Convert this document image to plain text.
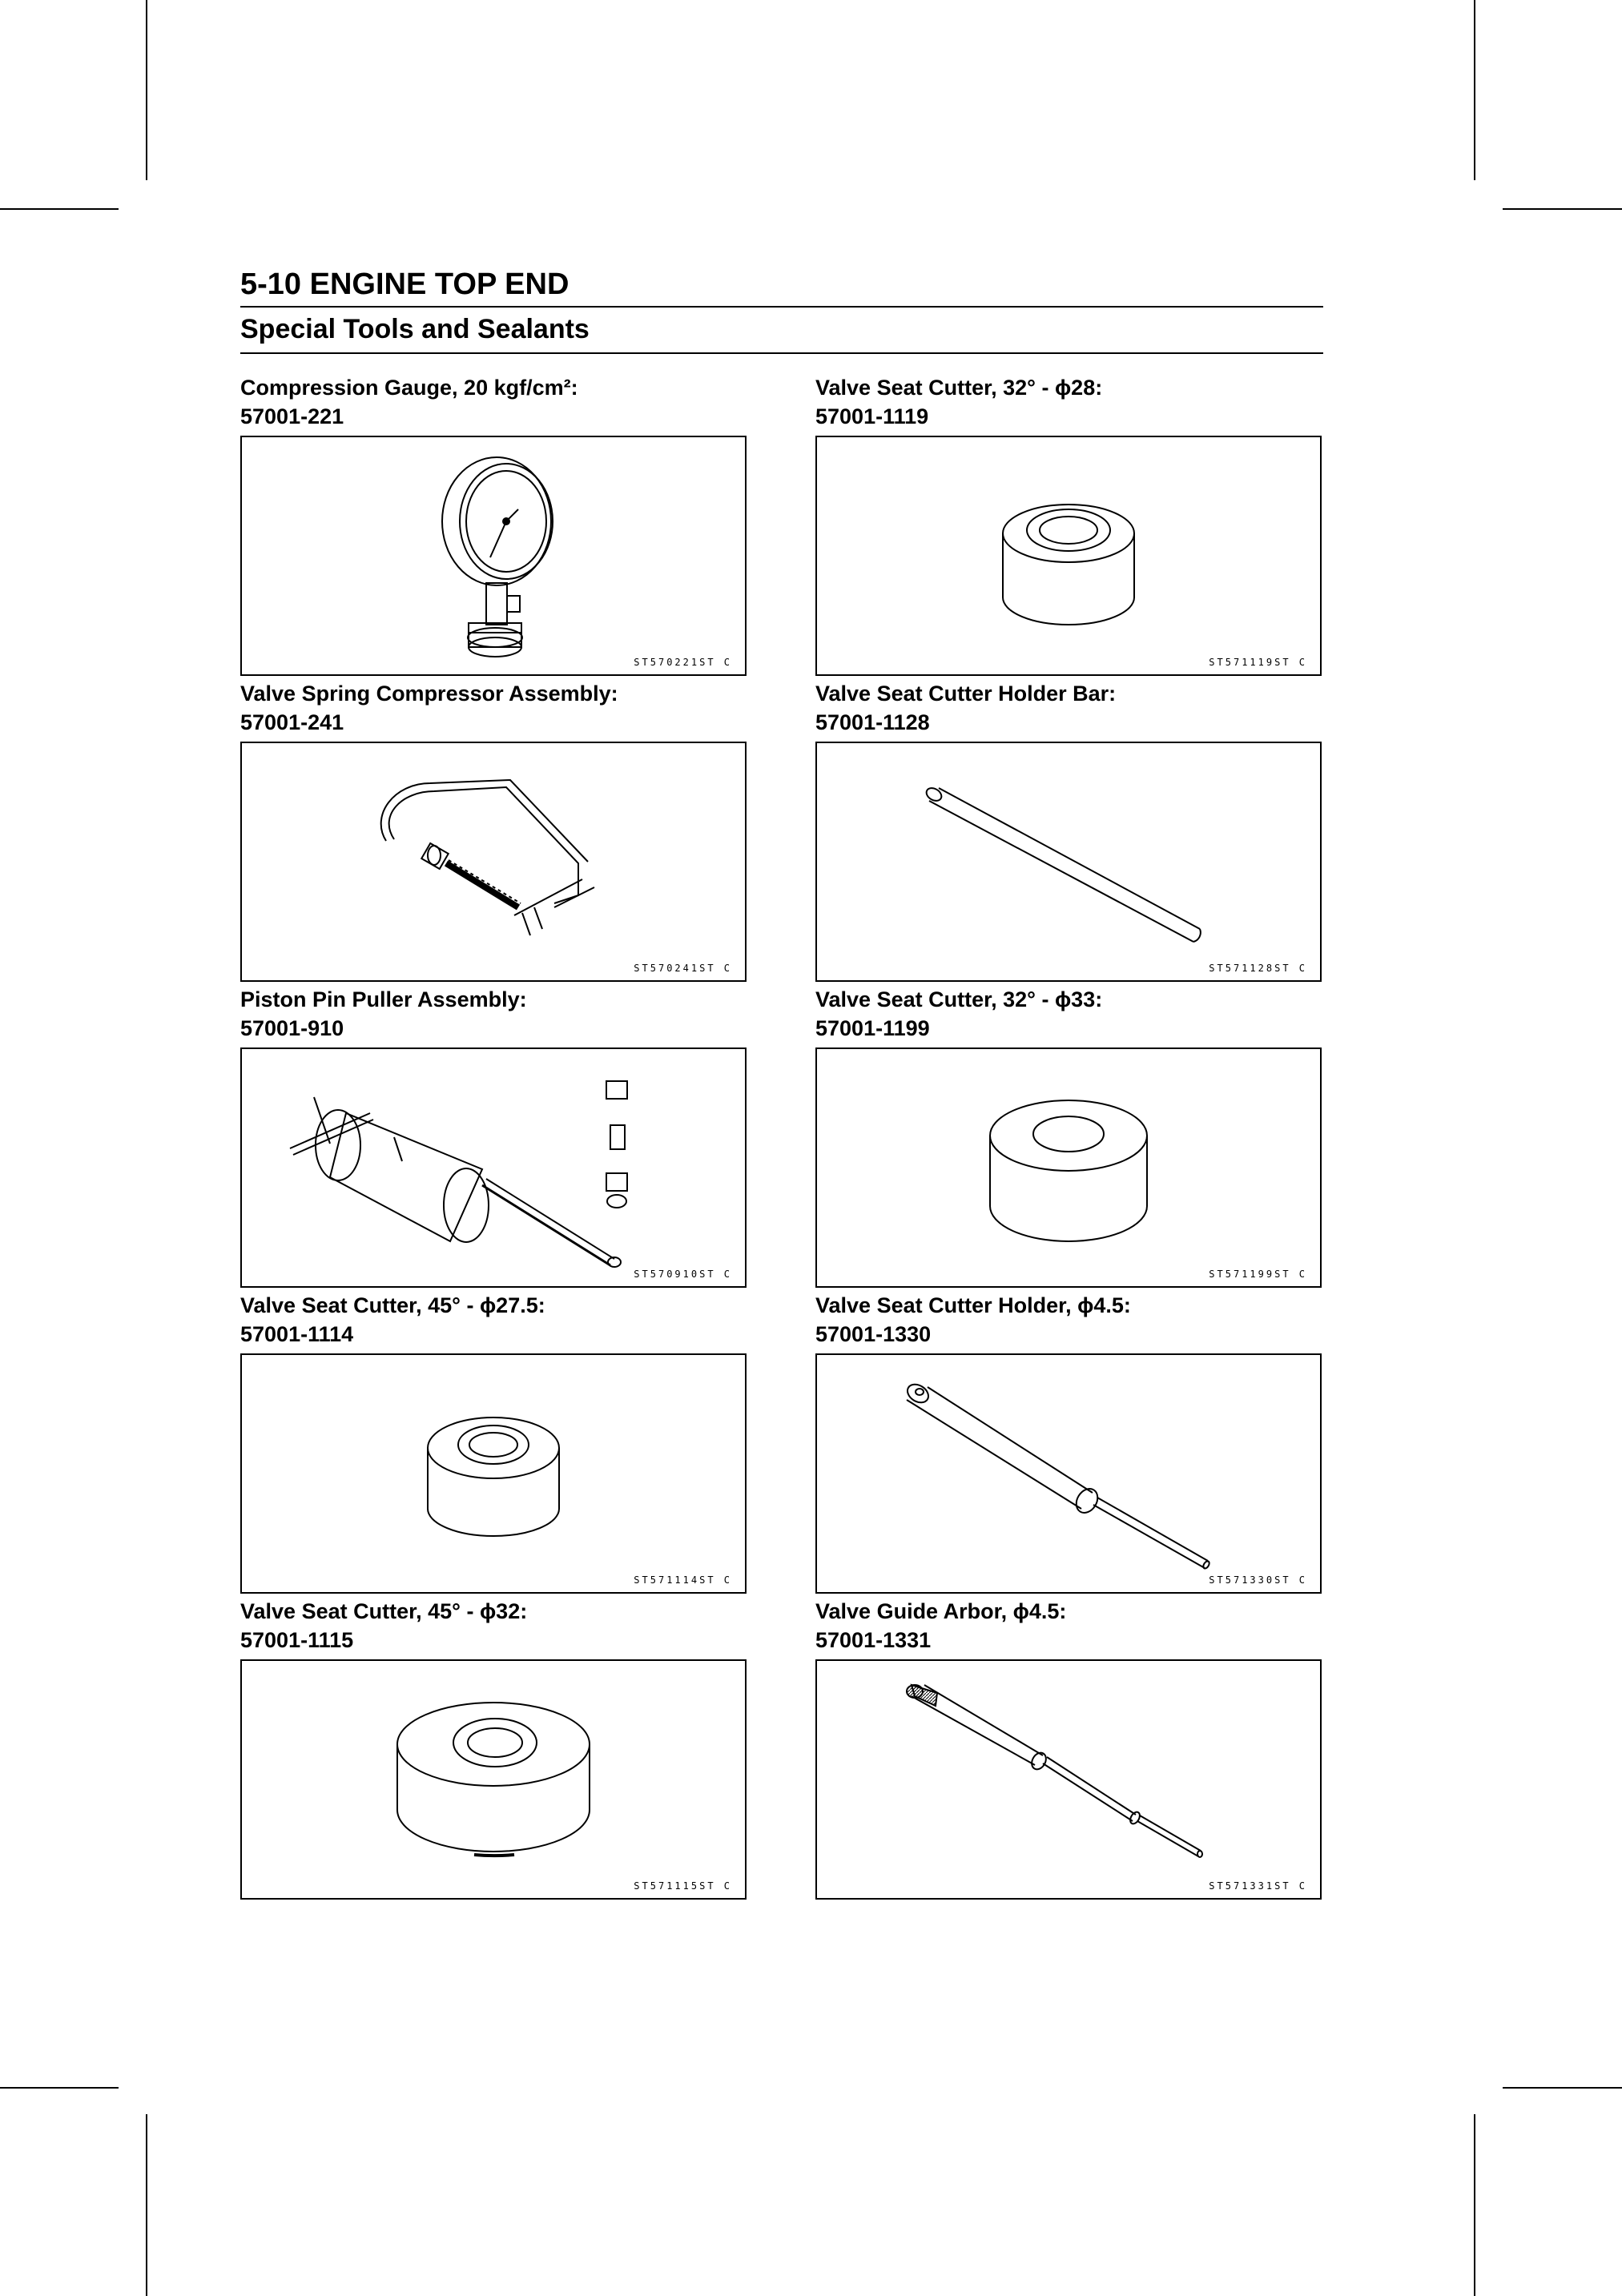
5-10 ENGINE TOP END
Special Tools and Sealants
Compression Gauge, 20 kgf/cm²:
57001-221
ST570221ST C
Valve Seat Cutter, 32° - ϕ28:
57001-1119
ST571119ST C
Valve Spring Compressor Assembly:
57001-241
ST570241ST C
Valve Seat Cutter Holder Bar:
57001-1128
ST571128ST C
Piston Pin Puller Assembly:
57001-910
ST570910ST C
Valve Seat Cutter, 32° - ϕ33:
57001-1199
ST571199ST C
Valve Seat Cutter, 45° - ϕ27.5:
57001-1114
ST571114ST C
Valve Seat Cutter Holder, ϕ4.5:
57001-1330
ST571330ST C
Valve Seat Cutter, 45° - ϕ32:
57001-1115
ST571115ST C
Valve Guide Arbor, ϕ4.5:
57001-1331
ST571331ST C
